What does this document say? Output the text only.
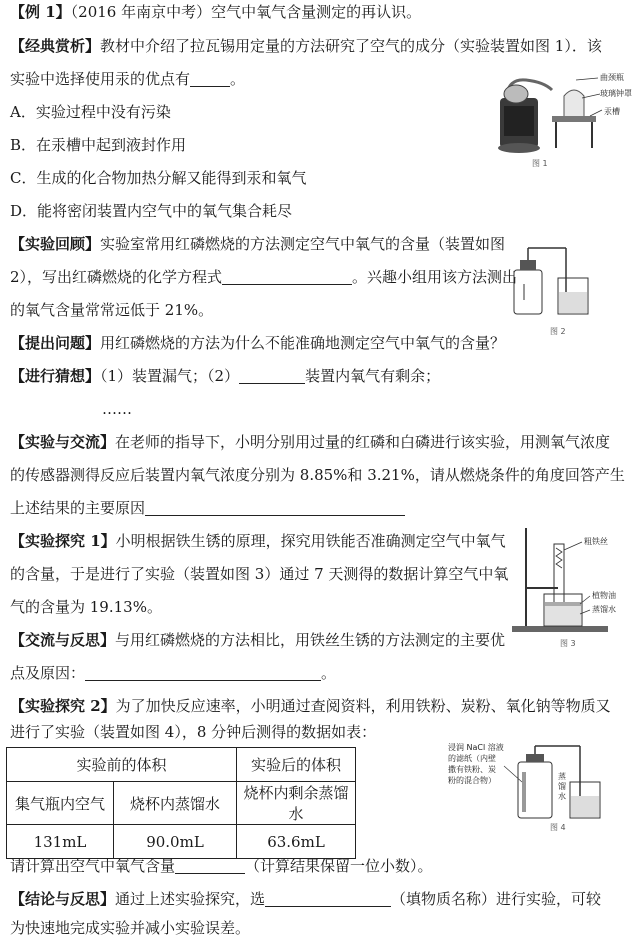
【例 1】（2016 年南京中考）空气中氧气含量测定的再认识。
【经典赏析】教材中介绍了拉瓦锡用定量的方法研究了空气的成分（实验装置如图 1）．该
实验中选择使用汞的优点有	。
A．实验过程中没有污染
B．在汞槽中起到液封作用
C．生成的化合物加热分解又能得到汞和氧气
D．能将密闭装置内空气中的氧气集合耗尽
曲颈瓶
玻璃钟罩
汞槽
图 1
【实验回顾】实验室常用红磷燃烧的方法测定空气中氧气的含量（装置如图
2），写出红磷燃烧的化学方程式	。兴趣小组用该方法测出
的氧气含量常常远低于 21%。
图 2
【提出问题】用红磷燃烧的方法为什么不能准确地测定空气中氧气的含量？
【进行猜想】（1）装置漏气；（2）	装置内氧气有剩余；
……
【实验与交流】在老师的指导下，小明分别用过量的红磷和白磷进行该实验，用测氧气浓度
的传感器测得反应后装置内氧气浓度分别为 8.85%和 3.21%，请从燃烧条件的角度回答产生
上述结果的主要原因
【实验探究 1】小明根据铁生锈的原理，探究用铁能否准确测定空气中氧气
的含量，于是进行了实验（装置如图 3）通过 7 天测得的数据计算空气中氧
气的含量为 19.13%。
粗铁丝
植物油
蒸馏水
图 3
【交流与反思】与用红磷燃烧的方法相比，用铁丝生锈的方法测定的主要优
点及原因：	。
【实验探究 2】为了加快反应速率，小明通过查阅资料，利用铁粉、炭粉、氧化钠等物质又
进行了实验（装置如图 4），8 分钟后测得的数据如表：
实验前的体积		实验后的体积
集气瓶内空气	烧杯内蒸馏水	烧杯内剩余蒸馏水
131mL	90.0mL	63.6mL
浸润 NaCl 溶液
的滤纸（内壁
撒有铁粉、炭
粉的混合物）	蒸
馏
水
图 4
请计算出空气中氧气含量	（计算结果保留一位小数）。
【结论与反思】通过上述实验探究，选	（填物质名称）进行实验，可较
为快速地完成实验并减小实验误差。
